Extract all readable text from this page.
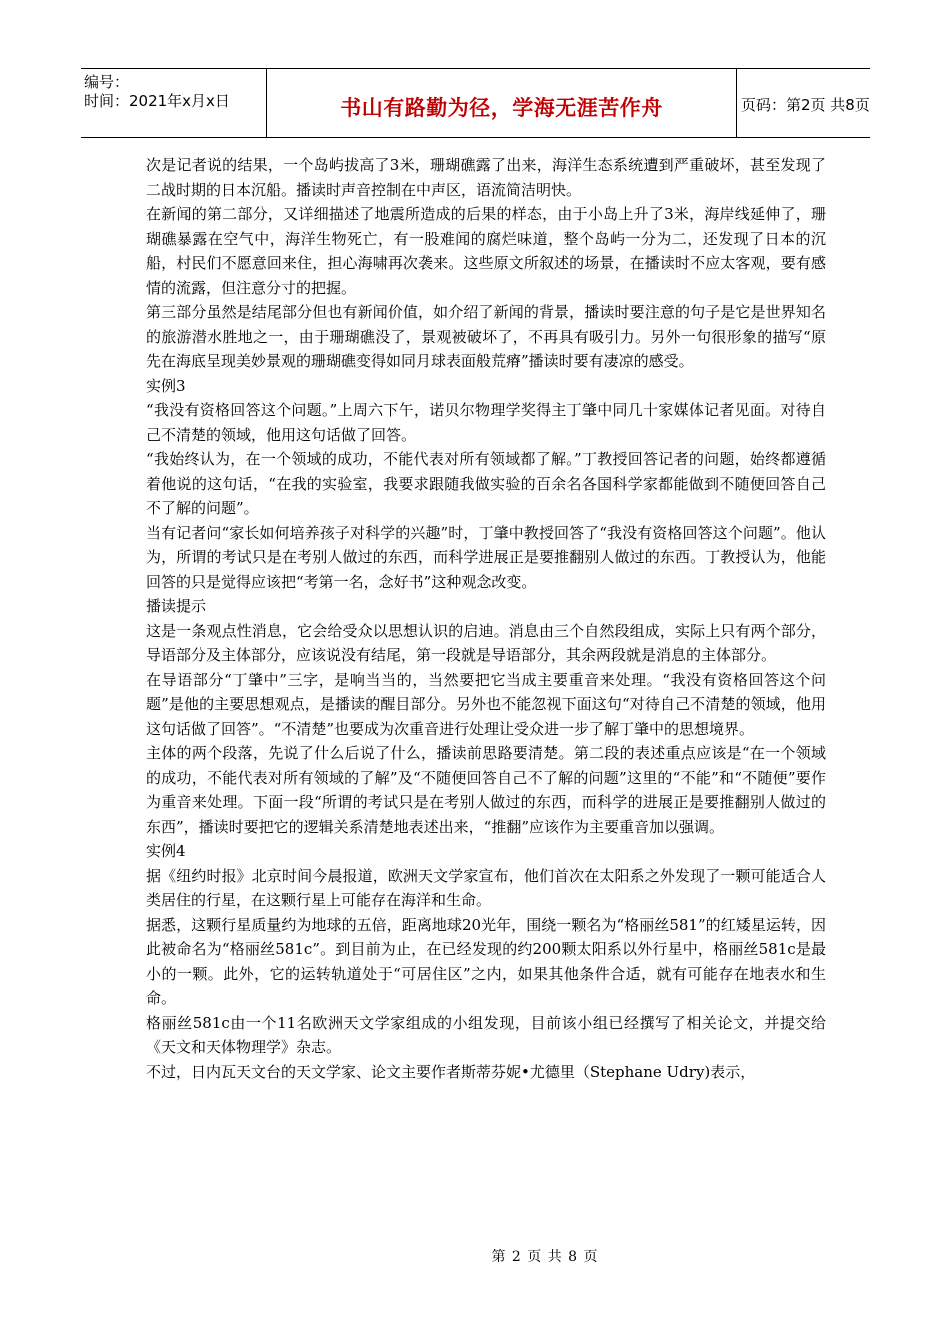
编号：
时间：2021年x月x日	书山有路勤为径，学海无涯苦作舟	页码：第2页 共8页

次是记者说的结果，一个岛屿拔高了3米，珊瑚礁露了出来，海洋生态系统遭到严重破坏，甚至发现了二战时期的日本沉船。播读时声音控制在中声区，语流简洁明快。

在新闻的第二部分，又详细描述了地震所造成的后果的样态，由于小岛上升了3米，海岸线延伸了，珊瑚礁暴露在空气中，海洋生物死亡，有一股难闻的腐烂味道，整个岛屿一分为二，还发现了日本的沉船，村民们不愿意回来住，担心海啸再次袭来。这些原文所叙述的场景，在播读时不应太客观，要有感情的流露，但注意分寸的把握。

第三部分虽然是结尾部分但也有新闻价值，如介绍了新闻的背景，播读时要注意的句子是它是世界知名的旅游潜水胜地之一，由于珊瑚礁没了，景观被破坏了，不再具有吸引力。另外一句很形象的描写“原先在海底呈现美妙景观的珊瑚礁变得如同月球表面般荒瘠”播读时要有凄凉的感受。

实例3

“我没有资格回答这个问题。”上周六下午，诺贝尔物理学奖得主丁肇中同几十家媒体记者见面。对待自己不清楚的领域，他用这句话做了回答。

“我始终认为，在一个领域的成功，不能代表对所有领域都了解。”丁教授回答记者的问题，始终都遵循着他说的这句话，“在我的实验室，我要求跟随我做实验的百余名各国科学家都能做到不随便回答自己不了解的问题”。

当有记者问“家长如何培养孩子对科学的兴趣”时，丁肇中教授回答了“我没有资格回答这个问题”。他认为，所谓的考试只是在考别人做过的东西，而科学进展正是要推翻别人做过的东西。丁教授认为，他能回答的只是觉得应该把“考第一名，念好书”这种观念改变。

播读提示

这是一条观点性消息，它会给受众以思想认识的启迪。消息由三个自然段组成，实际上只有两个部分，导语部分及主体部分，应该说没有结尾，第一段就是导语部分，其余两段就是消息的主体部分。

在导语部分“丁肇中”三字，是响当当的，当然要把它当成主要重音来处理。“我没有资格回答这个问题”是他的主要思想观点，是播读的醒目部分。另外也不能忽视下面这句“对待自己不清楚的领域，他用这句话做了回答”。“不清楚”也要成为次重音进行处理让受众进一步了解丁肇中的思想境界。

主体的两个段落，先说了什么后说了什么，播读前思路要清楚。第二段的表述重点应该是“在一个领域的成功，不能代表对所有领域的了解”及“不随便回答自己不了解的问题”这里的“不能”和“不随便”要作为重音来处理。下面一段“所谓的考试只是在考别人做过的东西，而科学的进展正是要推翻别人做过的东西”，播读时要把它的逻辑关系清楚地表述出来，“推翻”应该作为主要重音加以强调。

实例4

据《纽约时报》北京时间今晨报道，欧洲天文学家宣布，他们首次在太阳系之外发现了一颗可能适合人类居住的行星，在这颗行星上可能存在海洋和生命。

据悉，这颗行星质量约为地球的五倍，距离地球20光年，围绕一颗名为“格丽丝581”的红矮星运转，因此被命名为“格丽丝581c”。到目前为止，在已经发现的约200颗太阳系以外行星中，格丽丝581c是最小的一颗。此外，它的运转轨道处于“可居住区”之内，如果其他条件合适，就有可能存在地表水和生命。

格丽丝581c由一个11名欧洲天文学家组成的小组发现，目前该小组已经撰写了相关论文，并提交给《天文和天体物理学》杂志。

不过，日内瓦天文台的天文学家、论文主要作者斯蒂芬妮•尤德里（Stephane Udry)表示，

第 2 页 共 8 页
